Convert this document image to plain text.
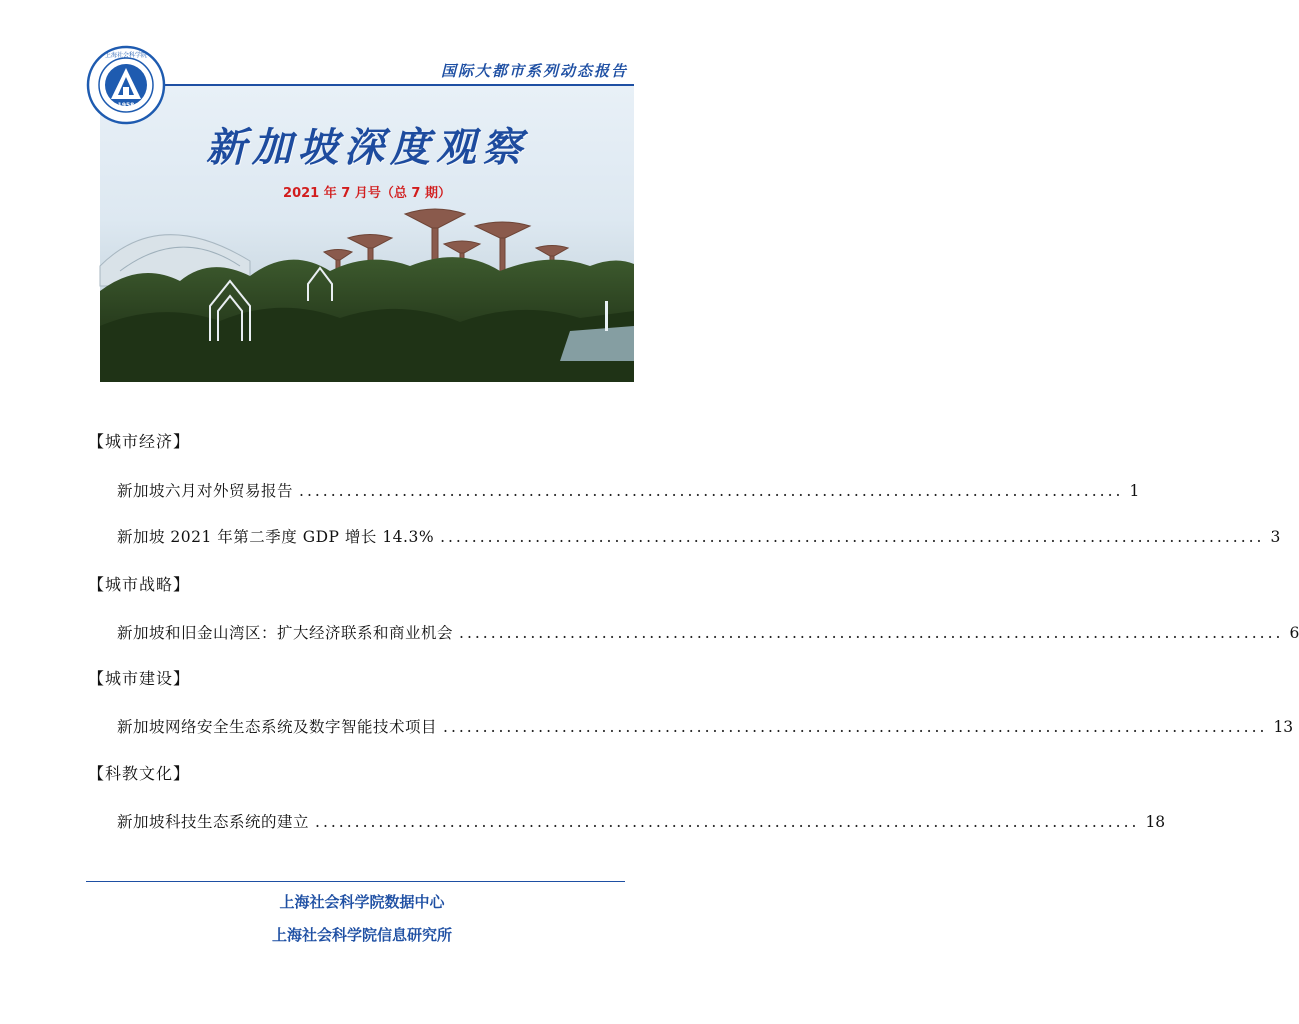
国际大都市系列动态报告
上海社会科学院
1958
新加坡深度观察
2021 年 7 月号（总 7 期）
【城市经济】
新加坡六月对外贸易报告 ........................................................................................................ 1
新加坡 2021 年第二季度 GDP 增长 14.3% ........................................................................................................ 3
【城市战略】
新加坡和旧金山湾区：扩大经济联系和商业机会 ........................................................................................................ 6
【城市建设】
新加坡网络安全生态系统及数字智能技术项目 ........................................................................................................ 13
【科教文化】
新加坡科技生态系统的建立 ........................................................................................................ 18
上海社会科学院数据中心
上海社会科学院信息研究所
